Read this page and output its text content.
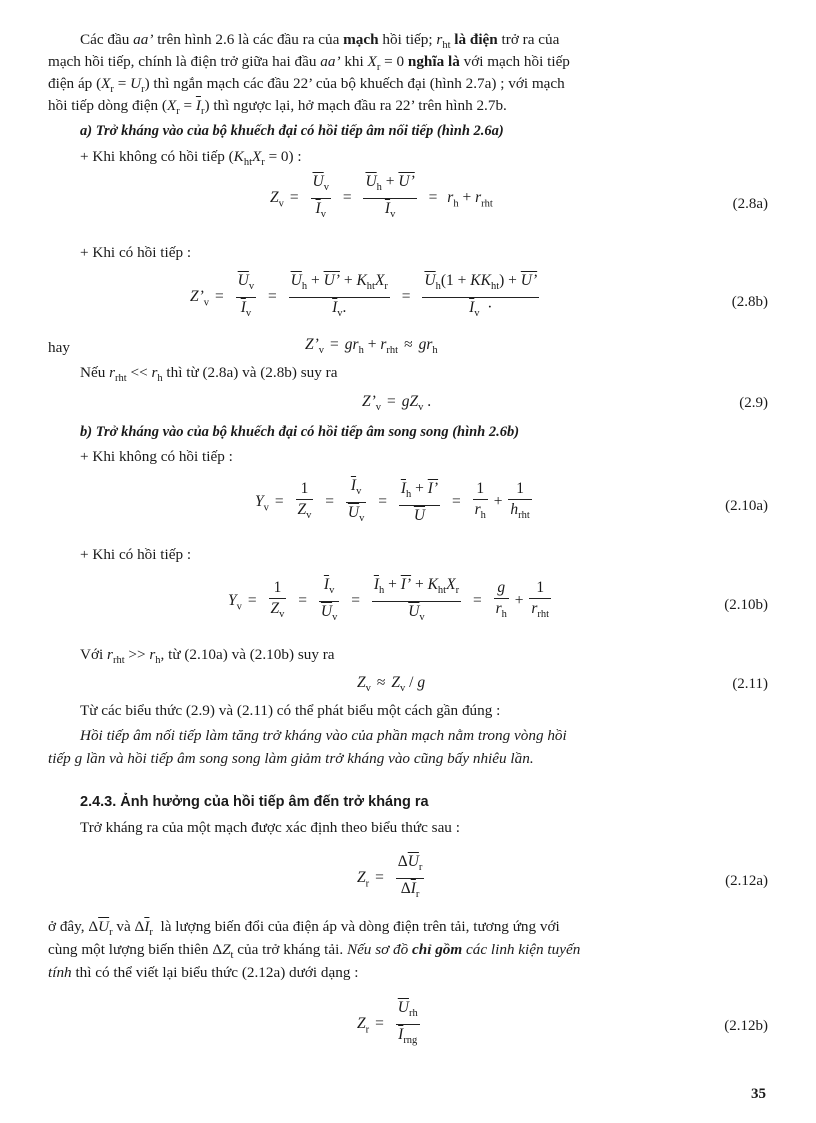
Các đầu aa’ trên hình 2.6 là các đầu ra của mạch hồi tiếp; $r_{ht}$ là điện trở ra của

mạch hồi tiếp, chính là điện trở giữa hai đầu aa’ khi $X_r = 0$ nghĩa là với mạch hồi tiếp

điện áp $(X_r = U_r)$ thì ngắn mạch các đầu 22’ của bộ khuếch đại (hình 2.7a) ; với mạch

hồi tiếp dòng điện $(X_r = \overline{I}_r)$ thì ngược lại, hở mạch đầu ra 22’ trên hình 2.7b.

a) Trở kháng vào của bộ khuếch đại có hồi tiếp âm nối tiếp (hình 2.6a)

+ Khi không có hồi tiếp $(K_{ht}X_r = 0)$ :

$Z_v = \frac{\overline{U}_v}{\overline{I}_v} = \frac{\overline{U}_h + U’}{\overline{I}_v} = r_h + r_{rht}$	(2.8a)

+ Khi có hồi tiếp :

$Z’_v = \frac{\overline{U}_v}{\overline{I}_v} = \frac{\overline{U}_h + U’ + K_{ht}X_r}{\overline{I}_v.} = \frac{\overline{U}_h(1 + KK_{ht}) + U’}{\overline{I}_v \cdot}$	(2.8b)

hay	$Z’_v = gr_h + r_{rht} \approx gr_h$

Nếu $r_{rht} << r_h$ thì từ (2.8a) và (2.8b) suy ra

$Z’_v = gZ_v$ .	(2.9)

b) Trở kháng vào của bộ khuếch đại có hồi tiếp âm song song (hình 2.6b)

+ Khi không có hồi tiếp :

$Y_v = \frac{1}{Z_v} = \frac{\overline{I}_v}{\overline{U}_v} = \frac{\overline{I}_h + I’}{U} = \frac{1}{r_h} + \frac{1}{h_{rht}}$	(2.10a)

+ Khi có hồi tiếp :

$Y_v = \frac{1}{Z_v} = \frac{\overline{I}_v}{\overline{U}_v} = \frac{\overline{I}_h + I’ + K_{ht}X_r}{\overline{U}_v} = \frac{g}{r_h} + \frac{1}{r_{rht}}$	(2.10b)

Với $r_{rht} >> r_h$, từ (2.10a) và (2.10b) suy ra

$Z_v \approx Z_v / g$	(2.11)

Từ các biểu thức (2.9) và (2.11) có thể phát biểu một cách gần đúng :

Hồi tiếp âm nối tiếp làm tăng trở kháng vào của phần mạch nằm trong vòng hồi

tiếp g lần và hồi tiếp âm song song làm giảm trở kháng vào cũng bấy nhiêu lần.

2.4.3. Ảnh hưởng của hồi tiếp âm đến trở kháng ra

Trở kháng ra của một mạch được xác định theo biểu thức sau :

$Z_r = \frac{\Delta\overline{U}_r}{\Delta\overline{I}_r}$	(2.12a)

ở đây, $\Delta\overline{U}_r$ và $\Delta\overline{I}_r$  là lượng biến đổi của điện áp và dòng điện trên tải, tương ứng với

cùng một lượng biến thiên $\Delta Z_t$ của trở kháng tải. Nếu sơ đồ chỉ gồm các linh kiện tuyến

tính thì có thể viết lại biểu thức (2.12a) dưới dạng :

$Z_r = \frac{\overline{U}_{rh}}{\overline{I}_{rng}}$	(2.12b)
35
